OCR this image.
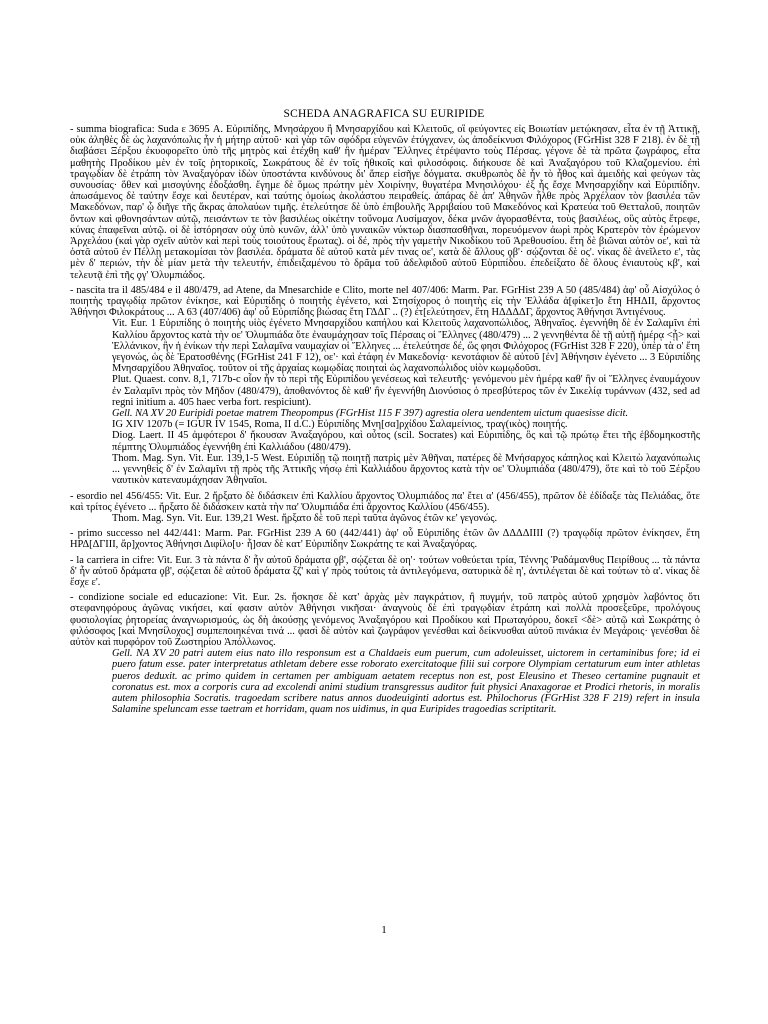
SCHEDA ANAGRAFICA SU EURIPIDE

- summa biografica: Suda ε 3695 A. Εὐριπίδης, Μνησάρχου ἢ Μνησαρχίδου καὶ Κλειτοῦς, οἳ φεύγοντες εἰς Βοιωτίαν μετῴκησαν, εἶτα ἐν τῇ Ἀττικῇ, οὐκ ἀληθὲς δὲ ὡς λαχανόπωλις ἦν ἡ μήτηρ αὐτοῦ· καὶ γὰρ τῶν σφόδρα εὐγενῶν ἐτύγχανεν, ὡς ἀποδείκνυσι Φιλόχορος (FGrHist 328 F 218). ἐν δὲ τῇ διαβάσει Ξέρξου ἐκυοφορεῖτο ὑπὸ τῆς μητρὸς καὶ ἐτέχθη καθ' ἣν ἡμέραν Ἕλληνες ἐτρέψαντο τοὺς Πέρσας. γέγονε δὲ τὰ πρῶτα ζωγράφος, εἶτα μαθητὴς Προδίκου μὲν ἐν τοῖς ῥητορικοῖς, Σωκράτους δὲ ἐν τοῖς ἠθικοῖς καὶ φιλοσόφοις. διήκουσε δὲ καὶ Ἀναξαγόρου τοῦ Κλαζομενίου. ἐπὶ τραγῳδίαν δὲ ἐτράπη τὸν Ἀναξαγόραν ἰδὼν ὑποστάντα κινδύνους δι' ἅπερ εἰσῆγε δόγματα. σκυθρωπὸς δὲ ἦν τὸ ἦθος καὶ ἀμειδὴς καὶ φεύγων τὰς συνουσίας· ὅθεν καὶ μισογύνης ἐδοξάσθη. ἔγημε δὲ ὅμως πρώτην μὲν Χοιρίνην, θυγατέρα Μνησιλόχου· ἐξ ἧς ἔσχε Μνησαρχίδην καὶ Εὐριπίδην. ἀπωσάμενος δὲ ταύτην ἔσχε καὶ δευτέραν, καὶ ταύτης ὁμοίως ἀκολάστου πειραθείς. ἀπάρας δὲ ἀπ' Ἀθηνῶν ἦλθε πρὸς Ἀρχέλαον τὸν βασιλέα τῶν Μακεδόνων, παρ' ᾧ διῆγε τῆς ἄκρας ἀπολαύων τιμῆς. ἐτελεύτησε δὲ ὑπὸ ἐπιβουλῆς Ἀρριβαίου τοῦ Μακεδόνος καὶ Κρατεύα τοῦ Θετταλοῦ, ποιητῶν ὄντων καὶ φθονησάντων αὐτῷ, πεισάντων τε τὸν βασιλέως οἰκέτην τοὔνομα Λυσίμαχον, δέκα μνῶν ἀγορασθέντα, τοὺς βασιλέως, οὓς αὐτὸς ἔτρεφε, κύνας ἐπαφεῖναι αὐτῷ. οἱ δὲ ἱστόρησαν οὐχ ὑπὸ κυνῶν, ἀλλ' ὑπὸ γυναικῶν νύκτωρ διασπασθῆναι, πορευόμενον ἀωρὶ πρὸς Κρατερὸν τὸν ἐρώμενον Ἀρχελάου (καὶ γὰρ σχεῖν αὐτὸν καὶ περὶ τοὺς τοιούτους ἔρωτας). οἱ δέ, πρὸς τὴν γαμετὴν Νικοδίκου τοῦ Ἀρεθουσίου. ἔτη δὲ βιῶναι αὐτὸν οε', καὶ τὰ ὀστᾶ αὐτοῦ ἐν Πέλλῃ μετακομίσαι τὸν βασιλέα. δράματα δὲ αὐτοῦ κατὰ μέν τινας οε', κατὰ δὲ ἄλλους ϙβ'· σῴζονται δὲ ος'. νίκας δὲ ἀνεῖλετο ε', τὰς μὲν δ' περιών, τὴν δὲ μίαν μετὰ τὴν τελευτήν, ἐπιδειξαμένου τὸ δρᾶμα τοῦ ἀδελφιδοῦ αὐτοῦ Εὐριπίδου. ἐπεδείξατο δὲ ὅλους ἐνιαυτοὺς κβ', καὶ τελευτᾷ ἐπὶ τῆς ϙγ' Ὀλυμπιάδος.

- nascita tra il 485/484 e il 480/479, ad Atene, da Mnesarchide e Clito, morte nel 407/406: Marm. Par. FGrHist 239 A 50 (485/484) ἀφ' οὗ Αἰσχύλος ὁ ποιητὴς τραγῳδίᾳ πρῶτον ἐνίκησε, καὶ Εὐριπίδης ὁ ποιητὴς ἐγένετο, καὶ Στησίχορος ὁ ποιητὴς εἰς τὴν Ἑλλάδα ἀ[φίκετ]ο ἔτη ΗΗΔΙΙ, ἄρχοντος Ἀθήνησι Φιλοκράτους ... A 63 (407/406) ἀφ' οὗ Εὐριπίδης βιώσας ἔτη ΓΔΔΓ .. (?) ἐτ[ελεύτησεν, ἔτη ΗΔΔΔΔΓ, ἄρχοντος Ἀθήνησι Ἀντιγένους.
Vit. Eur. 1 Εὐριπίδης ὁ ποιητὴς υἱὸς ἐγένετο Μνησαρχίδου καπήλου καὶ Κλειτοῦς λαχανοπώλιδος, Ἀθηναῖος. ἐγεννήθη δὲ ἐν Σαλαμῖνι ἐπὶ Καλλίου ἄρχοντος κατὰ τὴν οε' Ὀλυμπιάδα ὅτε ἐναυμάχησαν τοῖς Πέρσαις οἱ Ἕλληνες (480/479) ... 2 γεννηθέντα δὲ τῇ αὐτῇ ἡμέρᾳ <ᾗ> καὶ Ἑλλάνικον, ἢν ἡ ἐνίκων τὴν περὶ Σαλαμῖνα ναυμαχίαν οἱ Ἕλληνες ... ἐτελεύτησε δέ, ὥς φησι Φιλόχορος (FGrHist 328 F 220), ὑπὲρ τὰ ο' ἔτη γεγονώς, ὡς δὲ Ἐρατοσθένης (FGrHist 241 F 12), οε'· καὶ ἐτάφη ἐν Μακεδονίᾳ· κενοτάφιον δὲ αὐτοῦ [ἐν] Ἀθήνησιν ἐγένετο ... 3 Εὐριπίδης Μνησαρχίδου Ἀθηναῖος. τοῦτον οἱ τῆς ἀρχαίας κωμῳδίας ποιηταὶ ὡς λαχανοπώλιδος υἱὸν κωμῳδοῦσι.
Plut. Quaest. conv. 8,1, 717b-c οἷον ἦν τὸ περὶ τῆς Εὐριπίδου γενέσεως καὶ τελευτῆς· γενόμενου μὲν ἡμέρᾳ καθ' ἣν οἱ Ἕλληνες ἐναυμάχουν ἐν Σαλαμῖνι πρὸς τὸν Μῆδον (480/479), ἀποθανόντος δὲ καθ' ἣν ἐγεννήθη Διονύσιος ὁ πρεσβύτερος τῶν ἐν Σικελίᾳ τυράννων (432, sed ad regni initium a. 405 haec verba fort. respiciunt).
Gell. NA XV 20 Euripidi poetae matrem Theopompus (FGrHist 115 F 397) agrestia olera uendentem uictum quaesisse dicit.
IG XIV 1207b (= IGUR IV 1545, Roma, II d.C.) Εὐριπίδης Μνη[σα]ρχίδου Σαλαμείνιος, τραγ(ικὸς) ποιητής.
Diog. Laert. II 45 ἀμφότεροι δ' ἤκουσαν Ἀναξαγόρου, καὶ οὗτος (scil. Socrates) καὶ Εὐριπίδης, ὃς καὶ τῷ πρώτῳ ἔτει τῆς ἑβδομηκοστῆς πέμπτης Ὀλυμπιάδος ἐγεννήθη ἐπὶ Καλλιάδου (480/479).
Thom. Mag. Syn. Vit. Eur. 139,1-5 West. Εὐριπίδῃ τῷ ποιητῇ πατρὶς μὲν Ἀθῆναι, πατέρες δὲ Μνήσαρχος κάπηλος καὶ Κλειτὼ λαχανόπωλις ... γεννηθεὶς δ' ἐν Σαλαμῖνι τῇ πρὸς τῆς Ἀττικῆς νήσῳ ἐπὶ Καλλιάδου ἄρχοντος κατὰ τὴν οε' Ὀλυμπιάδα (480/479), ὅτε καὶ τὸ τοῦ Ξέρξου ναυτικὸν κατεναυμάχησαν Ἀθηναῖοι.

- esordio nel 456/455: Vit. Eur. 2 ἤρξατο δὲ διδάσκειν ἐπὶ Καλλίου ἄρχοντος Ὀλυμπιάδος πα' ἔτει α' (456/455), πρῶτον δὲ ἐδίδαξε τὰς Πελιάδας, ὅτε καὶ τρίτος ἐγένετο ... ἤρξατο δὲ διδάσκειν κατὰ τὴν πα' Ὀλυμπιάδα ἐπὶ ἄρχοντος Καλλίου (456/455).
Thom. Mag. Syn. Vit. Eur. 139,21 West. ἤρξατο δὲ τοῦ περὶ ταῦτα ἀγῶνος ἐτῶν κε' γεγονώς.

- primo successo nel 442/441: Marm. Par. FGrHist 239 A 60 (442/441) ἀφ' οὗ Εὐριπίδης ἐτῶν ὢν ΔΔΔΔΙΙΙΙ (?) τραγῳδίᾳ πρῶτον ἐνίκησεν, ἔτη ΗΡΔ[ΔΓΙΙΙ, ἄρ]χοντος Ἀθήνησι Διφίλο[υ· ἦ]σαν δὲ κατ' Εὐριπίδην Σωκράτης τε καὶ Ἀναξαγόρας.

- la carriera in cifre: Vit. Eur. 3 τὰ πάντα δ' ἦν αὐτοῦ δράματα ϙβ', σῴζεται δὲ οη'· τούτων νοθεύεται τρία, Τέννης Ῥαδάμανθυς Πειρίθους ... τὰ πάντα δ' ἦν αὐτοῦ δράματα ϙβ', σῴζεται δὲ αὐτοῦ δράματα ξζ' καὶ γ' πρὸς τούτοις τὰ ἀντιλεγόμενα, σατυρικὰ δὲ η', ἀντιλέγεται δὲ καὶ τούτων τὸ α'. νίκας δὲ ἔσχε ε'.

- condizione sociale ed educazione: Vit. Eur. 2s. ἤσκησε δὲ κατ' ἀρχὰς μὲν παγκράτιον, ἢ πυγμήν, τοῦ πατρὸς αὐτοῦ χρησμὸν λαβόντος ὅτι στεφανηφόρους ἀγῶνας νικήσει, καί φασιν αὐτὸν Ἀθήνησι νικῆσαι· ἀναγνοὺς δὲ ἐπὶ τραγῳδίαν ἐτράπη καὶ πολλὰ προσεξεῦρε, προλόγους φυσιολογίας ῥητορείας ἀναγνωρισμούς, ὡς δὴ ἀκούσῃς γενόμενος Ἀναξαγόρου καὶ Προδίκου καὶ Πρωταγόρου, δοκεῖ <δὲ> αὐτῷ καὶ Σωκράτης ὁ φιλόσοφος [καὶ Μνησίλοχος] συμπεποιηκέναι τινά ... φασὶ δὲ αὐτὸν καὶ ζωγράφον γενέσθαι καὶ δείκνυσθαι αὐτοῦ πινάκια ἐν Μεγάροις· γενέσθαι δὲ αὐτὸν καὶ πυρφόρον τοῦ Ζωστηρίου Ἀπόλλωνος.
Gell. NA XV 20 patri autem eius nato illo responsum est a Chaldaeis eum puerum, cum adoleuisset, uictorem in certaminibus fore; id ei puero fatum esse. pater interpretatus athletam debere esse roborato exercitatoque filii sui corpore Olympiam certaturum eum inter athletas pueros deduxit. ac primo quidem in certamen per ambiguam aetatem receptus non est, post Eleusino et Theseo certamine pugnauit et coronatus est. mox a corporis cura ad excolendi animi studium transgressus auditor fuit physici Anaxagorae et Prodici rhetoris, in moralis autem philosophia Socratis. tragoedam scribere natus annos duodeuiginti adortus est. Philochorus (FGrHist 328 F 219) refert in insula Salamine speluncam esse taetram et horridam, quam nos uidimus, in qua Euripides tragoedias scriptitarit.

1
